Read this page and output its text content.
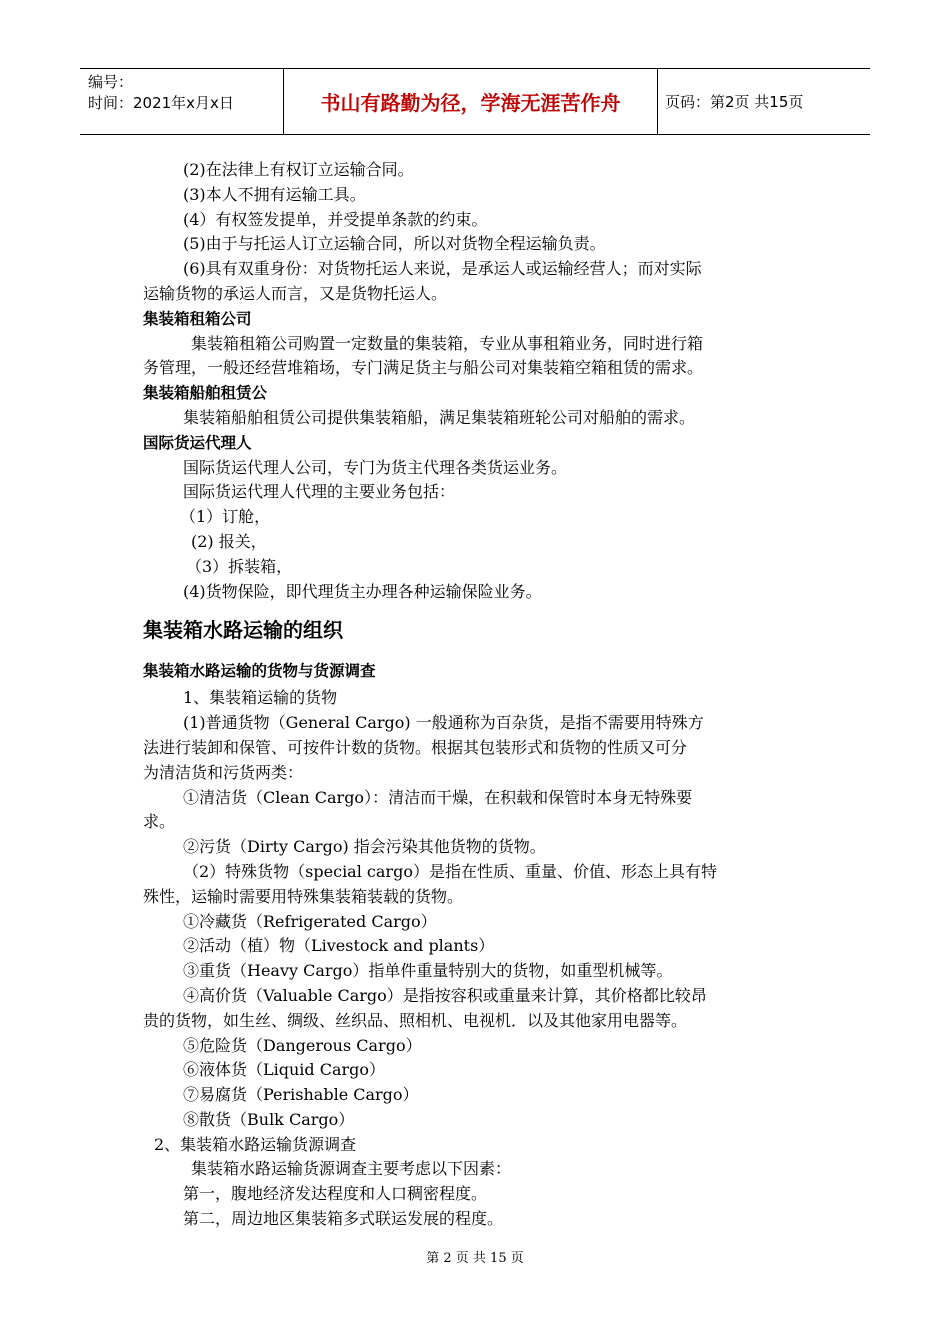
编号：
时间：2021年x月x日	书山有路勤为径，学海无涯苦作舟	页码：第2页 共15页
(2)在法律上有权订立运输合同。
(3)本人不拥有运输工具。
(4）有权签发提单，并受提单条款的约束。
(5)由于与托运人订立运输合同，所以对货物全程运输负责。
(6)具有双重身份：对货物托运人来说，是承运人或运输经营人；而对实际
运输货物的承运人而言，又是货物托运人。
集装箱租箱公司
集装箱租箱公司购置一定数量的集装箱，专业从事租箱业务，同时进行箱
务管理，一般还经营堆箱场，专门满足货主与船公司对集装箱空箱租赁的需求。
集装箱船舶租赁公
集装箱船舶租赁公司提供集装箱船，满足集装箱班轮公司对船舶的需求。
国际货运代理人
国际货运代理人公司，专门为货主代理各类货运业务。
国际货运代理人代理的主要业务包括：
（1）订舱，
(2) 报关，
（3）拆装箱，
(4)货物保险，即代理货主办理各种运输保险业务。
集装箱水路运输的组织
集装箱水路运输的货物与货源调查
1、集装箱运输的货物
(1)普通货物（General Cargo) 一般通称为百杂货，是指不需要用特殊方
法进行装卸和保管、可按件计数的货物。根据其包装形式和货物的性质又可分
为清洁货和污货两类：
①清洁货（Clean Cargo）：清洁而干燥，在积载和保管时本身无特殊要
求。
②污货（Dirty Cargo) 指会污染其他货物的货物。
（2）特殊货物（special cargo）是指在性质、重量、价值、形态上具有特
殊性，运输时需要用特殊集装箱装载的货物。
①冷藏货（Refrigerated Cargo）
②活动（植）物（Livestock and plants）
③重货（Heavy Cargo）指单件重量特别大的货物，如重型机械等。
④高价货（Valuable Cargo）是指按容积或重量来计算，其价格都比较昂
贵的货物，如生丝、绸级、丝织品、照相机、电视机．以及其他家用电器等。
⑤危险货（Dangerous Cargo）
⑥液体货（Liquid Cargo）
⑦易腐货（Perishable Cargo）
⑧散货（Bulk Cargo）
2、集装箱水路运输货源调查
集装箱水路运输货源调查主要考虑以下因素：
第一，腹地经济发达程度和人口稠密程度。
第二，周边地区集装箱多式联运发展的程度。
第 2 页 共 15 页
